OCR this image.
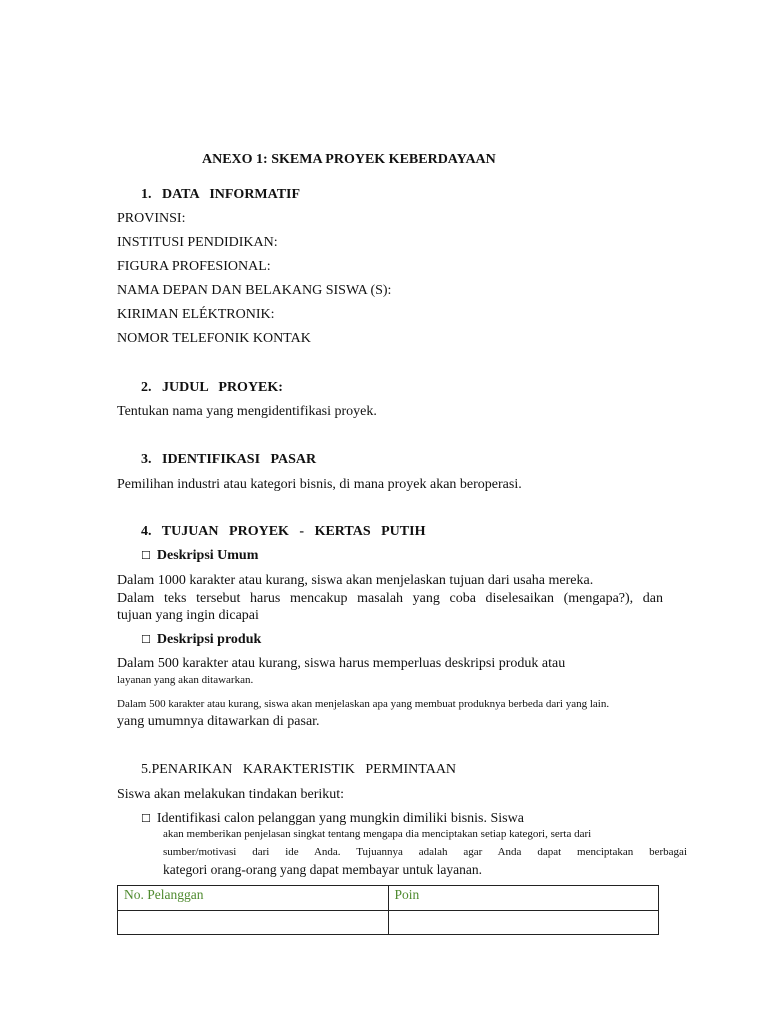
ANEXO 1: SKEMA PROYEK KEBERDAYAAN
1.   DATA   INFORMATIF
PROVINSI:
INSTITUSI PENDIDIKAN:
FIGURA PROFESIONAL:
NAMA DEPAN DAN BELAKANG SISWA (S):
KIRIMAN ELÉKTRONIK:
NOMOR TELEFONIK KONTAK
2.   JUDUL   PROYEK:
Tentukan nama yang mengidentifikasi proyek.
3.   IDENTIFIKASI   PASAR
Pemilihan industri atau kategori bisnis, di mana proyek akan beroperasi.
4.   TUJUAN   PROYEK   -   KERTAS   PUTIH
☐ Deskripsi Umum
Dalam 1000 karakter atau kurang, siswa akan menjelaskan tujuan dari usaha mereka.
Dalam teks tersebut harus mencakup masalah yang coba diselesaikan (mengapa?), dan
tujuan yang ingin dicapai
☐ Deskripsi produk
Dalam 500 karakter atau kurang, siswa harus memperluas deskripsi produk atau
layanan yang akan ditawarkan.
Dalam 500 karakter atau kurang, siswa akan menjelaskan apa yang membuat produknya berbeda dari yang lain.
yang umumnya ditawarkan di pasar.
5.PENARIKAN   KARAKTERISTIK   PERMINTAAN
Siswa akan melakukan tindakan berikut:
☐ Identifikasi calon pelanggan yang mungkin dimiliki bisnis. Siswa
akan memberikan penjelasan singkat tentang mengapa dia menciptakan setiap kategori, serta dari
sumber/motivasi dari ide Anda. Tujuannya adalah agar Anda dapat menciptakan berbagai
kategori orang-orang yang dapat membayar untuk layanan.
No. Pelanggan	Poin
